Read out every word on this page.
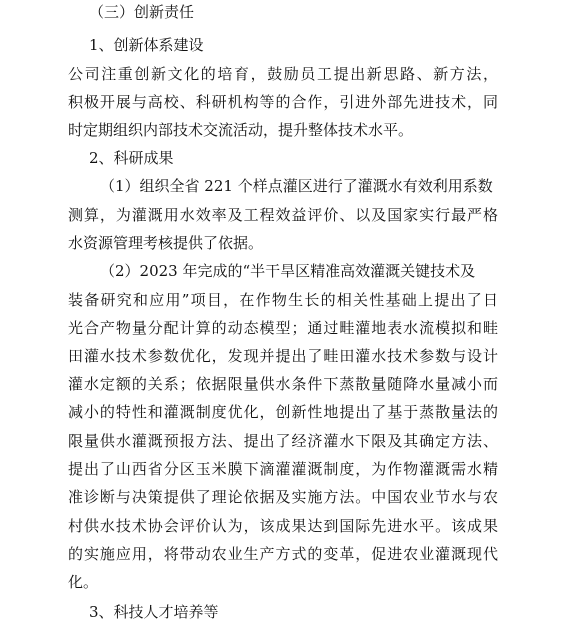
（三）创新责任
1、创新体系建设
公司注重创新文化的培育，鼓励员工提出新思路、新方法，
积极开展与高校、科研机构等的合作，引进外部先进技术，同
时定期组织内部技术交流活动，提升整体技术水平。
2、科研成果
（1）组织全省 221 个样点灌区进行了灌溉水有效利用系数
测算，为灌溉用水效率及工程效益评价、以及国家实行最严格
水资源管理考核提供了依据。
（2）2023 年完成的“半干旱区精准高效灌溉关键技术及
装备研究和应用”项目，在作物生长的相关性基础上提出了日
光合产物量分配计算的动态模型；通过畦灌地表水流模拟和畦
田灌水技术参数优化，发现并提出了畦田灌水技术参数与设计
灌水定额的关系；依据限量供水条件下蒸散量随降水量减小而
减小的特性和灌溉制度优化，创新性地提出了基于蒸散量法的
限量供水灌溉预报方法、提出了经济灌水下限及其确定方法、
提出了山西省分区玉米膜下滴灌灌溉制度，为作物灌溉需水精
准诊断与决策提供了理论依据及实施方法。中国农业节水与农
村供水技术协会评价认为，该成果达到国际先进水平。该成果
的实施应用，将带动农业生产方式的变革，促进农业灌溉现代
化。
3、科技人才培养等
